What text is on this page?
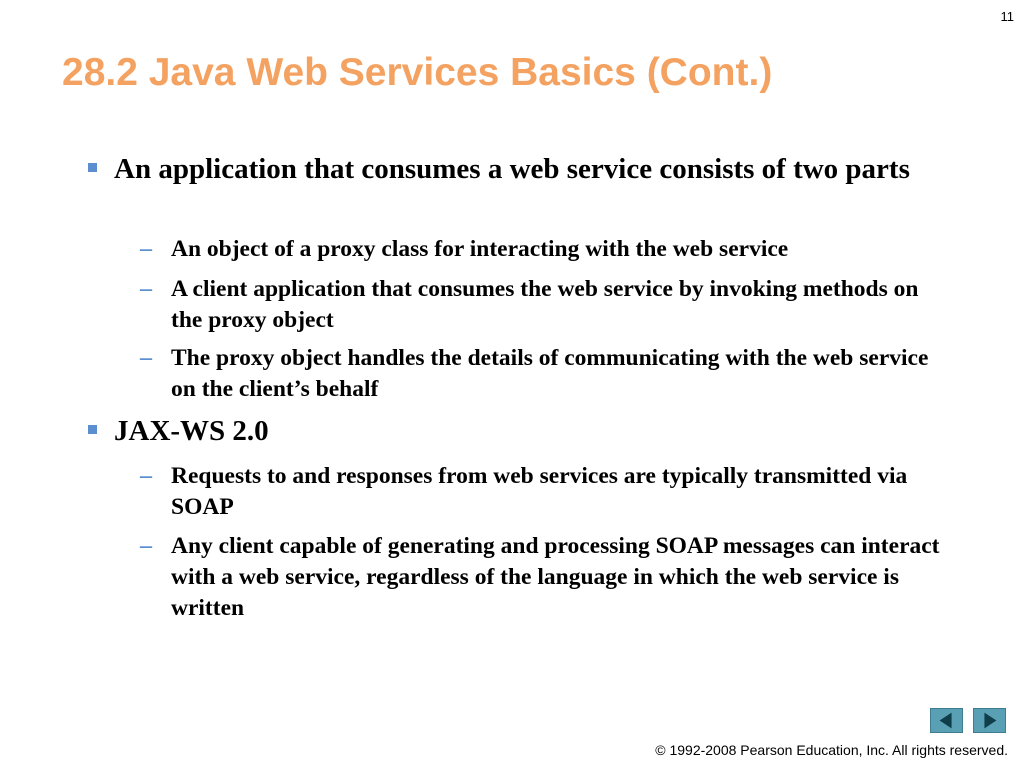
11
28.2 Java Web Services Basics (Cont.)
An application that consumes a web service consists of two parts
– An object of a proxy class for interacting with the web service
– A client application that consumes the web service by invoking methods on the proxy object
– The proxy object handles the details of communicating with the web service on the client’s behalf
JAX-WS 2.0
– Requests to and responses from web services are typically transmitted via SOAP
– Any client capable of generating and processing SOAP messages can interact with a web service, regardless of the language in which the web service is written
© 1992-2008 Pearson Education, Inc. All rights reserved.
